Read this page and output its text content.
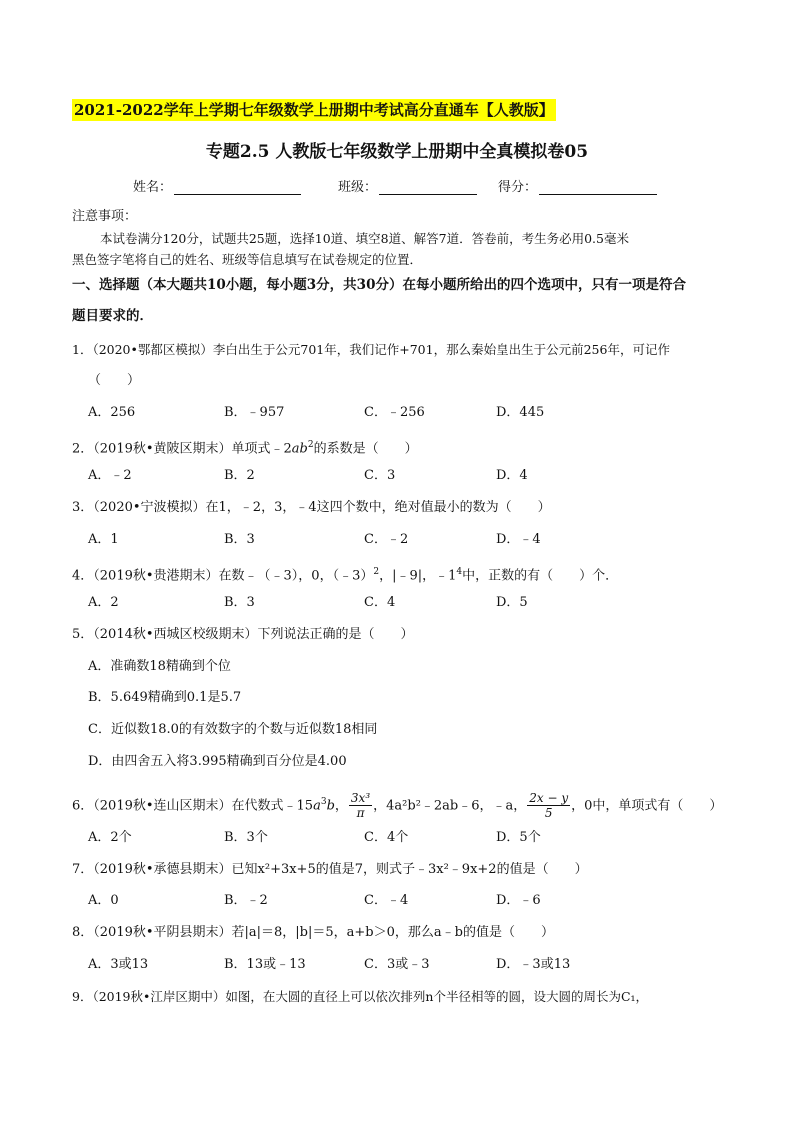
2021-2022学年上学期七年级数学上册期中考试高分直通车【人教版】
专题2.5 人教版七年级数学上册期中全真模拟卷05
姓名：	班级：	得分：
注意事项：
本试卷满分120分，试题共25题，选择10道、填空8道、解答7道．答卷前，考生务必用0.5毫米
黑色签字笔将自己的姓名、班级等信息填写在试卷规定的位置．
一、选择题（本大题共10小题，每小题3分，共30分）在每小题所给出的四个选项中，只有一项是符合
题目要求的．
1．（2020•鄂都区模拟）李白出生于公元701年，我们记作+701，那么秦始皇出生于公元前256年，可记作
（　　）
A．256	B．﹣957	C．﹣256	D．445
2．（2019秋•黄陂区期末）单项式$﹣2ab^2$的系数是（　　）
A．﹣2	B．2	C．3	D．4
3．（2020•宁波模拟）在1，﹣2，3，﹣4这四个数中，绝对值最小的数为（　　）
A．1	B．3	C．﹣2	D．﹣4
4．（2019秋•贵港期末）在数﹣（﹣3），0，（﹣3）$^2$，|﹣9|，$﹣1^4$中，正数的有（　　）个．
A．2	B．3	C．4	D．5
5．（2014秋•西城区校级期末）下列说法正确的是（　　）
A．准确数18精确到个位
B．5.649精确到0.1是5.7
C．近似数18.0的有效数字的个数与近似数18相同
D．由四舍五入将3.995精确到百分位是4.00
6．（2019秋•连山区期末）在代数式$﹣15a^3b$， $\frac{\text{3x³}}{\pi}$ ，4a²b²﹣2ab﹣6，﹣a， $\frac{2x - y}{5}$ ，0中，单项式有（　　）
A．2个	B．3个	C．4个	D．5个
7．（2019秋•承德县期末）已知x²+3x+5的值是7，则式子﹣3x²﹣9x+2的值是（　　）
A．0	B．﹣2	C．﹣4	D．﹣6
8．（2019秋•平阴县期末）若|a|＝8，|b|＝5，a+b＞0，那么a﹣b的值是（　　）
A．3或13	B．13或﹣13	C．3或﹣3	D．﹣3或13
9．（2019秋•江岸区期中）如图，在大圆的直径上可以依次排列n个半径相等的圆，设大圆的周长为C₁，
